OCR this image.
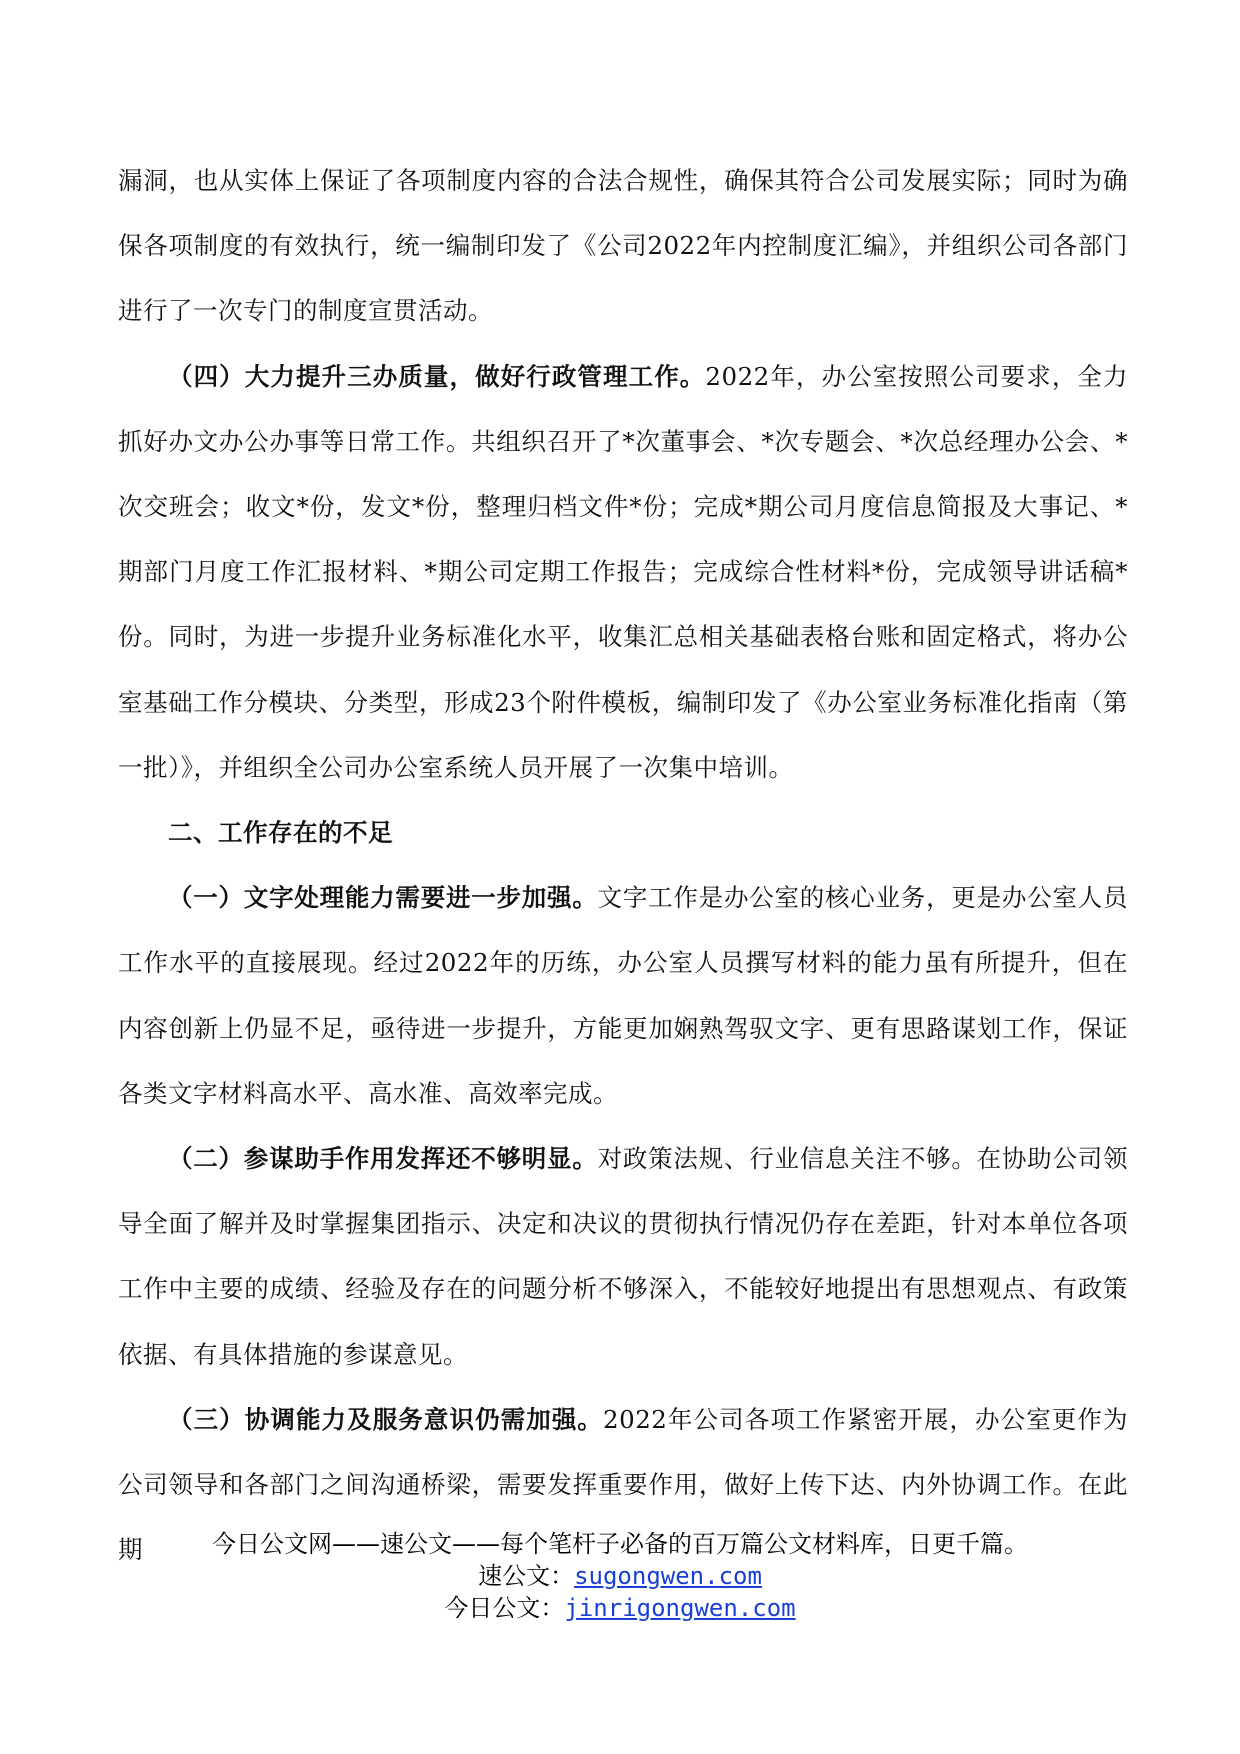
漏洞，也从实体上保证了各项制度内容的合法合规性，确保其符合公司发展实际；同时为确保各项制度的有效执行，统一编制印发了《公司2022年内控制度汇编》，并组织公司各部门进行了一次专门的制度宣贯活动。

（四）大力提升三办质量，做好行政管理工作。2022年，办公室按照公司要求，全力抓好办文办公办事等日常工作。共组织召开了*次董事会、*次专题会、*次总经理办公会、*次交班会；收文*份，发文*份，整理归档文件*份；完成*期公司月度信息简报及大事记、*期部门月度工作汇报材料、*期公司定期工作报告；完成综合性材料*份，完成领导讲话稿*份。同时，为进一步提升业务标准化水平，收集汇总相关基础表格台账和固定格式，将办公室基础工作分模块、分类型，形成23个附件模板，编制印发了《办公室业务标准化指南（第一批）》，并组织全公司办公室系统人员开展了一次集中培训。

二、工作存在的不足

（一）文字处理能力需要进一步加强。文字工作是办公室的核心业务，更是办公室人员工作水平的直接展现。经过2022年的历练，办公室人员撰写材料的能力虽有所提升，但在内容创新上仍显不足，亟待进一步提升，方能更加娴熟驾驭文字、更有思路谋划工作，保证各类文字材料高水平、高水准、高效率完成。

（二）参谋助手作用发挥还不够明显。对政策法规、行业信息关注不够。在协助公司领导全面了解并及时掌握集团指示、决定和决议的贯彻执行情况仍存在差距，针对本单位各项工作中主要的成绩、经验及存在的问题分析不够深入，不能较好地提出有思想观点、有政策依据、有具体措施的参谋意见。

（三）协调能力及服务意识仍需加强。2022年公司各项工作紧密开展，办公室更作为公司领导和各部门之间沟通桥梁，需要发挥重要作用，做好上传下达、内外协调工作。在此期	今日公文网——速公文——每个笔杆子必备的百万篇公文材料库，日更千篇。
速公文：sugongwen.com
今日公文：jinrigongwen.com
